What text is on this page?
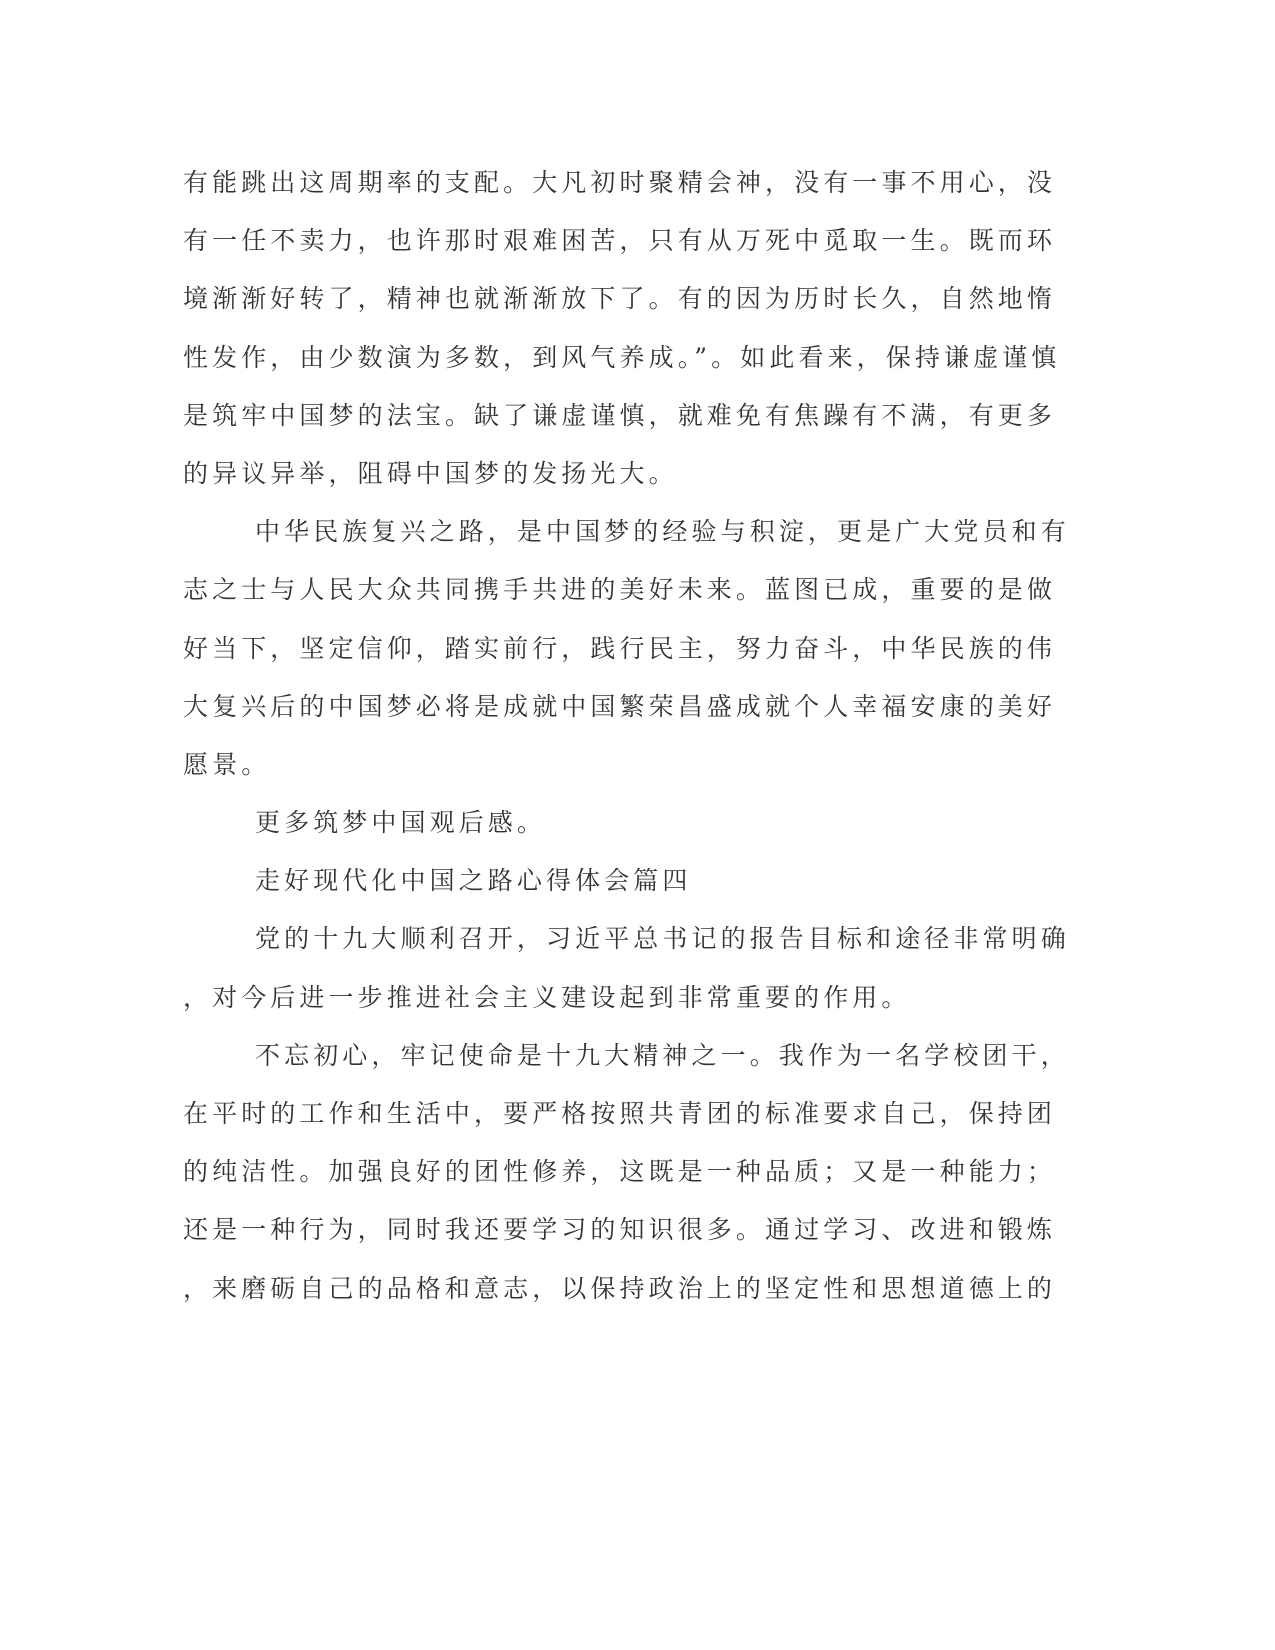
有能跳出这周期率的支配。大凡初时聚精会神，没有一事不用心，没
有一任不卖力，也许那时艰难困苦，只有从万死中觅取一生。既而环
境渐渐好转了，精神也就渐渐放下了。有的因为历时长久，自然地惰
性发作，由少数演为多数，到风气养成。”。如此看来，保持谦虚谨慎
是筑牢中国梦的法宝。缺了谦虚谨慎，就难免有焦躁有不满，有更多
的异议异举，阻碍中国梦的发扬光大。
中华民族复兴之路，是中国梦的经验与积淀，更是广大党员和有
志之士与人民大众共同携手共进的美好未来。蓝图已成，重要的是做
好当下，坚定信仰，踏实前行，践行民主，努力奋斗，中华民族的伟
大复兴后的中国梦必将是成就中国繁荣昌盛成就个人幸福安康的美好
愿景。
更多筑梦中国观后感。
走好现代化中国之路心得体会篇四
党的十九大顺利召开，习近平总书记的报告目标和途径非常明确
，对今后进一步推进社会主义建设起到非常重要的作用。
不忘初心，牢记使命是十九大精神之一。我作为一名学校团干，
在平时的工作和生活中，要严格按照共青团的标准要求自己，保持团
的纯洁性。加强良好的团性修养，这既是一种品质；又是一种能力；
还是一种行为，同时我还要学习的知识很多。通过学习、改进和锻炼
，来磨砺自己的品格和意志，以保持政治上的坚定性和思想道德上的
